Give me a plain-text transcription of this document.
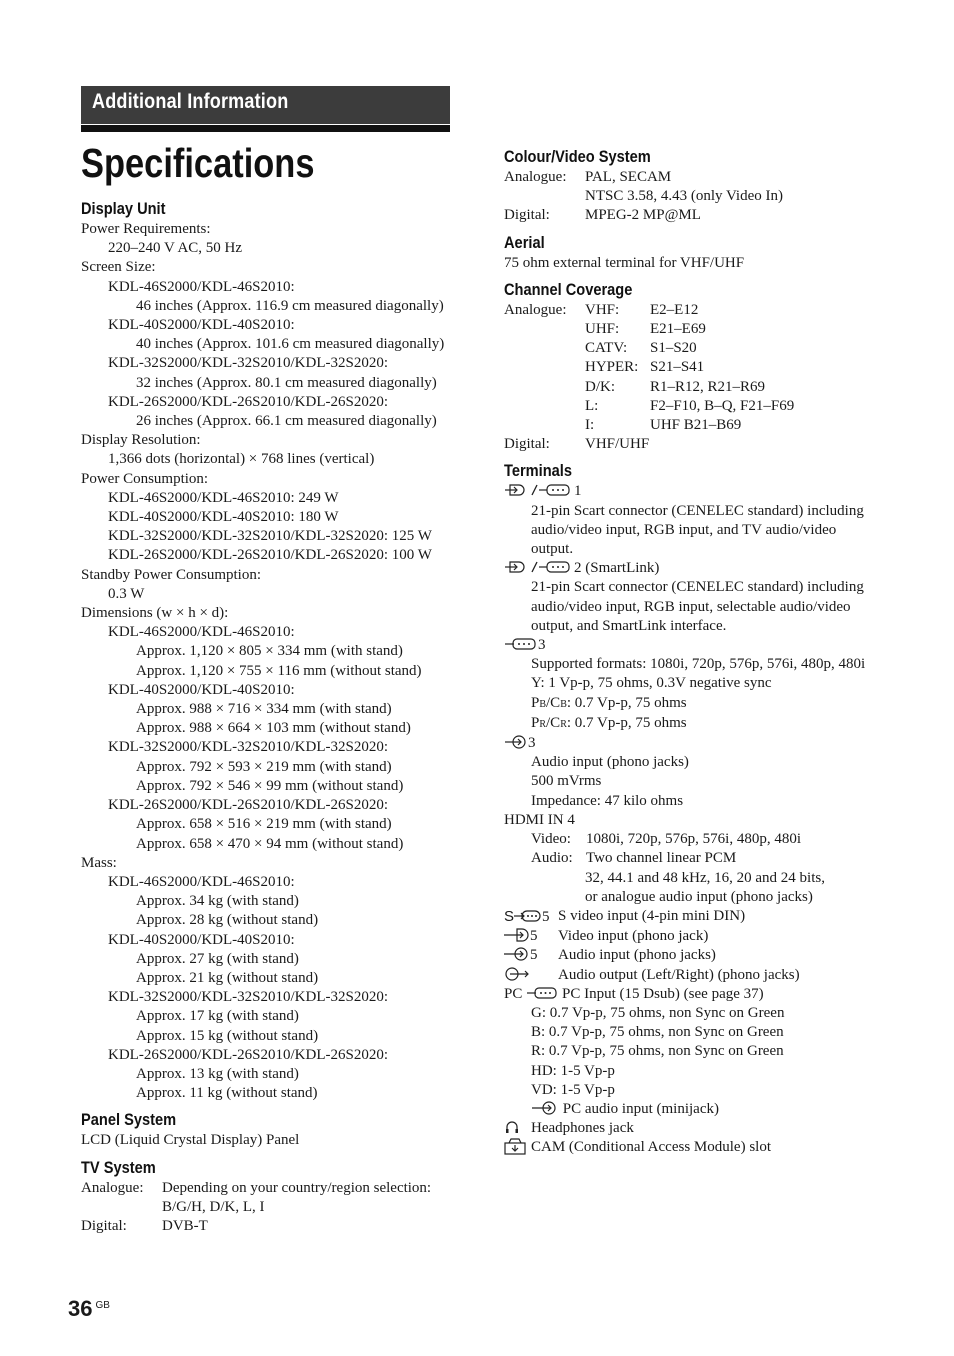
Additional Information
Specifications
Display Unit
Power Requirements:
220–240 V AC, 50 Hz
Screen Size:
KDL-46S2000/KDL-46S2010:
46 inches (Approx. 116.9 cm measured diagonally)
KDL-40S2000/KDL-40S2010:
40 inches (Approx. 101.6 cm measured diagonally)
KDL-32S2000/KDL-32S2010/KDL-32S2020:
32 inches (Approx. 80.1 cm measured diagonally)
KDL-26S2000/KDL-26S2010/KDL-26S2020:
26 inches (Approx. 66.1 cm measured diagonally)
Display Resolution:
1,366 dots (horizontal) × 768 lines (vertical)
Power Consumption:
KDL-46S2000/KDL-46S2010: 249 W
KDL-40S2000/KDL-40S2010: 180 W
KDL-32S2000/KDL-32S2010/KDL-32S2020: 125 W
KDL-26S2000/KDL-26S2010/KDL-26S2020: 100 W
Standby Power Consumption:
0.3 W
Dimensions (w × h × d):
KDL-46S2000/KDL-46S2010:
Approx. 1,120 × 805 × 334 mm (with stand)
Approx. 1,120 × 755 × 116 mm (without stand)
KDL-40S2000/KDL-40S2010:
Approx. 988 × 716 × 334 mm (with stand)
Approx. 988 × 664 × 103 mm (without stand)
KDL-32S2000/KDL-32S2010/KDL-32S2020:
Approx. 792 × 593 × 219 mm (with stand)
Approx. 792 × 546 × 99 mm (without stand)
KDL-26S2000/KDL-26S2010/KDL-26S2020:
Approx. 658 × 516 × 219 mm (with stand)
Approx. 658 × 470 × 94 mm (without stand)
Mass:
KDL-46S2000/KDL-46S2010:
Approx. 34 kg (with stand)
Approx. 28 kg (without stand)
KDL-40S2000/KDL-40S2010:
Approx. 27 kg (with stand)
Approx. 21 kg (without stand)
KDL-32S2000/KDL-32S2010/KDL-32S2020:
Approx. 17 kg (with stand)
Approx. 15 kg (without stand)
KDL-26S2000/KDL-26S2010/KDL-26S2020:
Approx. 13 kg (with stand)
Approx. 11 kg (without stand)
Panel System
LCD (Liquid Crystal Display) Panel
TV System
Analogue:	Depending on your country/region selection:
B/G/H, D/K, L, I
Digital:	DVB-T
Colour/Video System
Analogue:	PAL, SECAM
NTSC 3.58, 4.43 (only Video In)
Digital:	MPEG-2 MP@ML
Aerial
75 ohm external terminal for VHF/UHF
Channel Coverage
Analogue:	VHF:	E2–E12
UHF:	E21–E69
CATV:	S1–S20
HYPER: S21–S41
D/K:	R1–R12, R21–R69
L:	F2–F10, B–Q, F21–F69
I:	UHF B21–B69
Digital:	VHF/UHF
Terminals
1
21-pin Scart connector (CENELEC standard) including
audio/video input, RGB input, and TV audio/video
output.
2 (SmartLink)
21-pin Scart connector (CENELEC standard) including
audio/video input, RGB input, selectable audio/video
output, and SmartLink interface.
3
Supported formats: 1080i, 720p, 576p, 576i, 480p, 480i
Y: 1 Vp-p, 75 ohms, 0.3V negative sync
PB/CB: 0.7 Vp-p, 75 ohms
PR/CR: 0.7 Vp-p, 75 ohms
3
Audio input (phono jacks)
500 mVrms
Impedance: 47 kilo ohms
HDMI IN 4
Video:	1080i, 720p, 576p, 576i, 480p, 480i
Audio: Two channel linear PCM
32, 44.1 and 48 kHz, 16, 20 and 24 bits,
or analogue audio input (phono jacks)
S 5 S video input (4-pin mini DIN)
5	Video input (phono jack)
5	Audio input (phono jacks)
Audio output (Left/Right) (phono jacks)
PC	PC Input (15 Dsub) (see page 37)
G: 0.7 Vp-p, 75 ohms, non Sync on Green
B: 0.7 Vp-p, 75 ohms, non Sync on Green
R: 0.7 Vp-p, 75 ohms, non Sync on Green
HD: 1-5 Vp-p
VD: 1-5 Vp-p
PC audio input (minijack)
Headphones jack
CAM (Conditional Access Module) slot
36 $^{GB}$
